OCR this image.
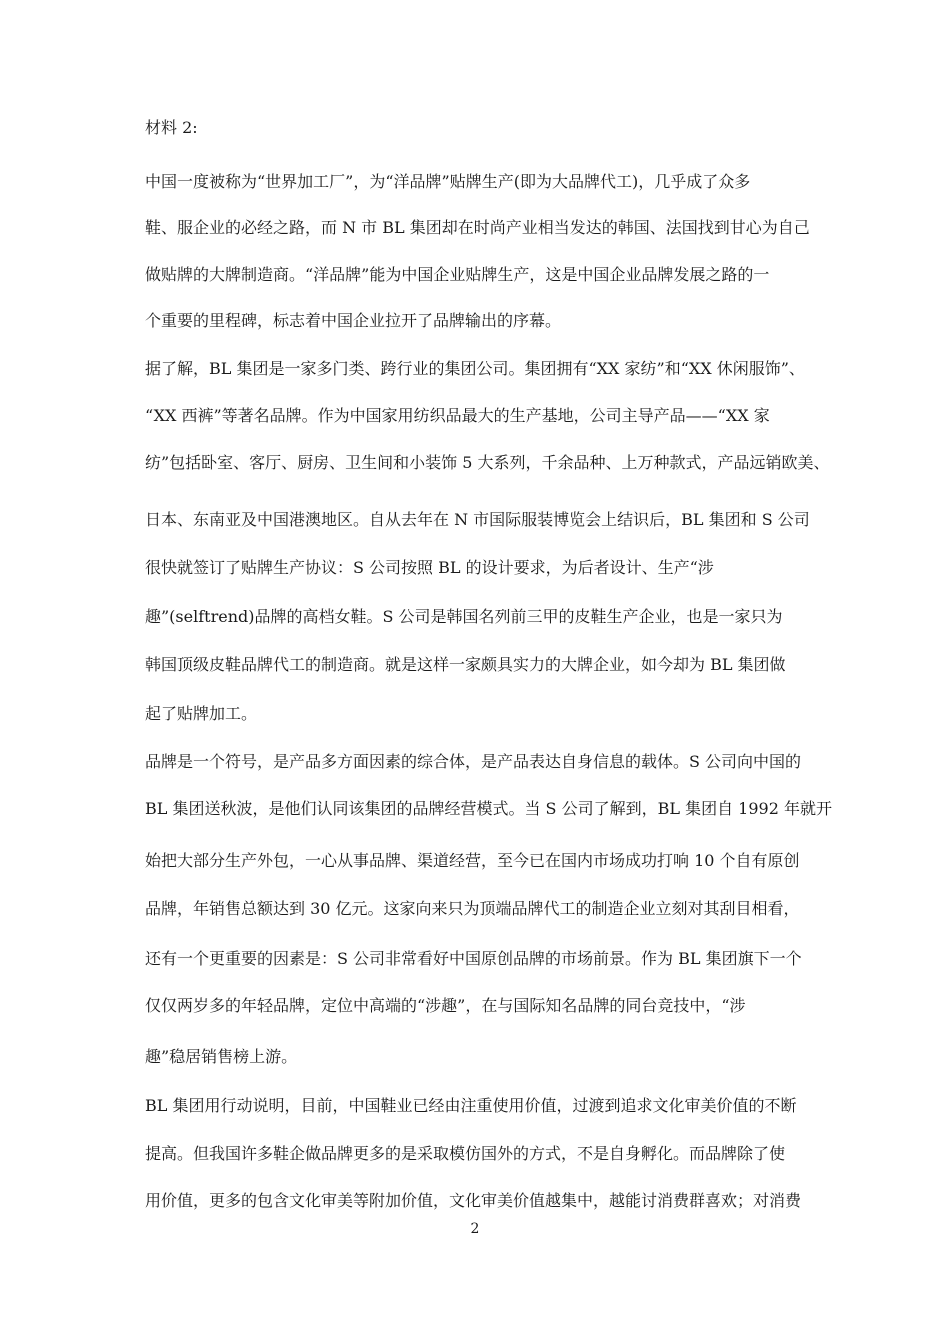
材料 2:
中国一度被称为“世界加工厂”，为“洋品牌”贴牌生产(即为大品牌代工)，几乎成了众多
鞋、服企业的必经之路，而 N 市 BL 集团却在时尚产业相当发达的韩国、法国找到甘心为自己
做贴牌的大牌制造商。“洋品牌”能为中国企业贴牌生产，这是中国企业品牌发展之路的一
个重要的里程碑，标志着中国企业拉开了品牌输出的序幕。
据了解，BL 集团是一家多门类、跨行业的集团公司。集团拥有“XX 家纺”和“XX 休闲服饰”、
“XX 西裤”等著名品牌。作为中国家用纺织品最大的生产基地，公司主导产品——“XX 家
纺”包括卧室、客厅、厨房、卫生间和小装饰 5 大系列，千余品种、上万种款式，产品远销欧美、
日本、东南亚及中国港澳地区。自从去年在 N 市国际服装博览会上结识后，BL 集团和 S 公司
很快就签订了贴牌生产协议：S 公司按照 BL 的设计要求，为后者设计、生产“涉
趣”(selftrend)品牌的高档女鞋。S 公司是韩国名列前三甲的皮鞋生产企业，也是一家只为
韩国顶级皮鞋品牌代工的制造商。就是这样一家颇具实力的大牌企业，如今却为 BL 集团做
起了贴牌加工。
品牌是一个符号，是产品多方面因素的综合体，是产品表达自身信息的载体。S 公司向中国的
BL 集团送秋波，是他们认同该集团的品牌经营模式。当 S 公司了解到，BL 集团自 1992 年就开
始把大部分生产外包，一心从事品牌、渠道经营，至今已在国内市场成功打响 10 个自有原创
品牌，年销售总额达到 30 亿元。这家向来只为顶端品牌代工的制造企业立刻对其刮目相看，
还有一个更重要的因素是：S 公司非常看好中国原创品牌的市场前景。作为 BL 集团旗下一个
仅仅两岁多的年轻品牌，定位中高端的“涉趣”，在与国际知名品牌的同台竞技中，“涉
趣”稳居销售榜上游。
BL 集团用行动说明，目前，中国鞋业已经由注重使用价值，过渡到追求文化审美价值的不断
提高。但我国许多鞋企做品牌更多的是采取模仿国外的方式，不是自身孵化。而品牌除了使
用价值，更多的包含文化审美等附加价值，文化审美价值越集中，越能讨消费群喜欢；对消费
2
